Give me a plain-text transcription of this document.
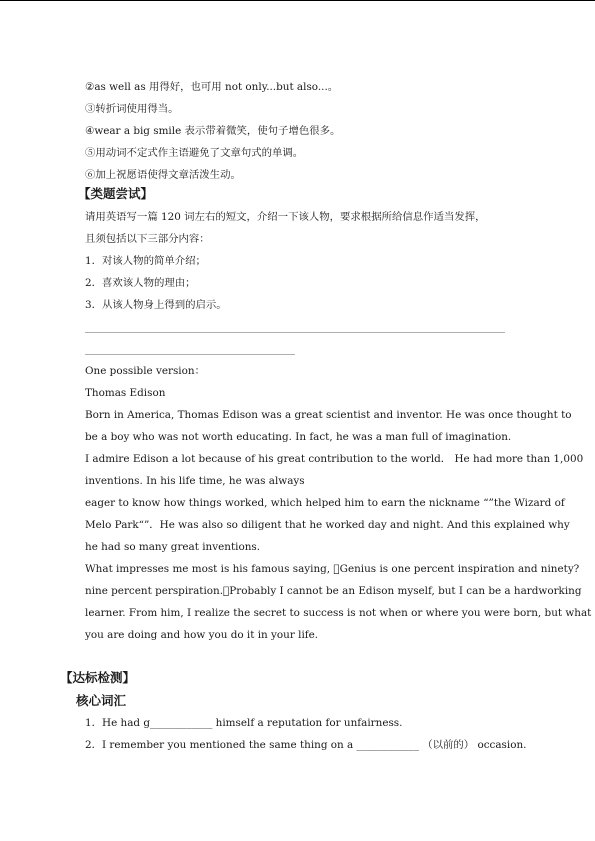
②as well as 用得好，也可用 not only...but also...。
③转折词使用得当。
④wear a big smile 表示带着微笑，使句子增色很多。
⑤用动词不定式作主语避免了文章句式的单调。
⑥加上祝愿语使得文章活泼生动。
【类题尝试】
请用英语写一篇 120 词左右的短文，介绍一下该人物，要求根据所给信息作适当发挥，
且须包括以下三部分内容：
1．对该人物的简单介绍；
2．喜欢该人物的理由；
3．从该人物身上得到的启示。
One possible version：
Thomas Edison
Born in America, Thomas Edison was a great scientist and inventor. He was once thought to
be a boy who was not worth educating. In fact, he was a man full of imagination.
I admire Edison a lot because of his great contribution to the world． He had more than 1,000
inventions. In his life time, he was always
eager to know how things worked, which helped him to earn the nickname “”the Wizard of
Melo Park“”．He was also so diligent that he worked day and night. And this explained why
he had so many great inventions.
What impresses me most is his famous saying,  Genius is one percent inspiration and ninety?
nine percent perspiration. Probably I cannot be an Edison myself, but I can be a hardworking
learner. From him, I realize the secret to success is not when or where you were born, but what
you are doing and how you do it in your life.
【达标检测】
核心词汇
1．He had g____________ himself a reputation for unfairness.
2．I remember you mentioned the same thing on a ____________ （以前的） occasion.
